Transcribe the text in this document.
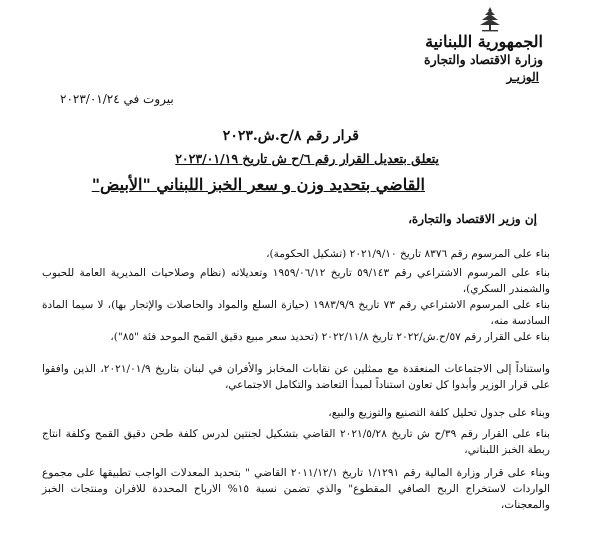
الجمهورية اللبنانية
وزارة الاقتصاد والتجارة
الوزيـر
بيروت في ٢٠٢٣/٠١/٢٤
قرار رقم ٨/ح.ش.٢٠٢٣
يتعلق بتعديل القرار رقم ٦/ح ش تاريخ ٢٠٢٣/٠١/١٩
القاضي بتحديد وزن و سعر الخبز اللبناني "الأبيض"
إن وزير الاقتصاد والتجارة،

بناء على المرسوم رقم ٨٣٧٦ تاريخ ٢٠٢١/٩/١٠ (تشكيل الحكومة)،

بناء على المرسوم الاشتراعي رقم ٥٩/١٤٣ تاريخ ١٩٥٩/٠٦/١٢ وتعديلاته (نظام وصلاحيات المديرية العامة للحبوب والشمندر السكري)،

بناء على المرسوم الاشتراعي رقم ٧٣ تاريخ ١٩٨٣/٩/٩ (حيازة السلع والمواد والحاصلات والإتجار بها)، لا سيما المادة السادسة منه،

بناء على القرار رقم ٥٧/ح.ش/٢٠٢٢ تاريخ ٢٠٢٢/١١/٨ (تحديد سعر مبيع دقيق القمح الموحد فئة "٨٥")،

واستناداً إلى الاجتماعات المنعقدة مع ممثلين عن نقابات المخابز والأفران في لبنان بتاريخ ٢٠٢١/٠١/٩، الذين وافقوا على قرار الوزير وأبدوا كل تعاون استناداً لمبدأ التعاضد والتكامل الاجتماعي،

وبناء على جدول تحليل كلفة التصنيع والتوزيع والبيع،

بناء على القرار رقم ٣٩/ح ش تاريخ ٢٠٢١/٥/٢٨ القاضي بتشكيل لجنتين لدرس كلفة طحن دقيق القمح وكلفة انتاج ربطة الخبز اللبناني،

وبناء على قرار وزارة المالية رقم ١/١٢٩١ تاريخ ٢٠١١/١٢/١ القاضي " بتحديد المعدلات الواجب تطبيقها على مجموع الواردات لاستخراج الربح الصافي المقطوع" والذي تضمن نسبة ١٥% الارباح المحددة للافران ومنتجات الخبز والمعجنات،
